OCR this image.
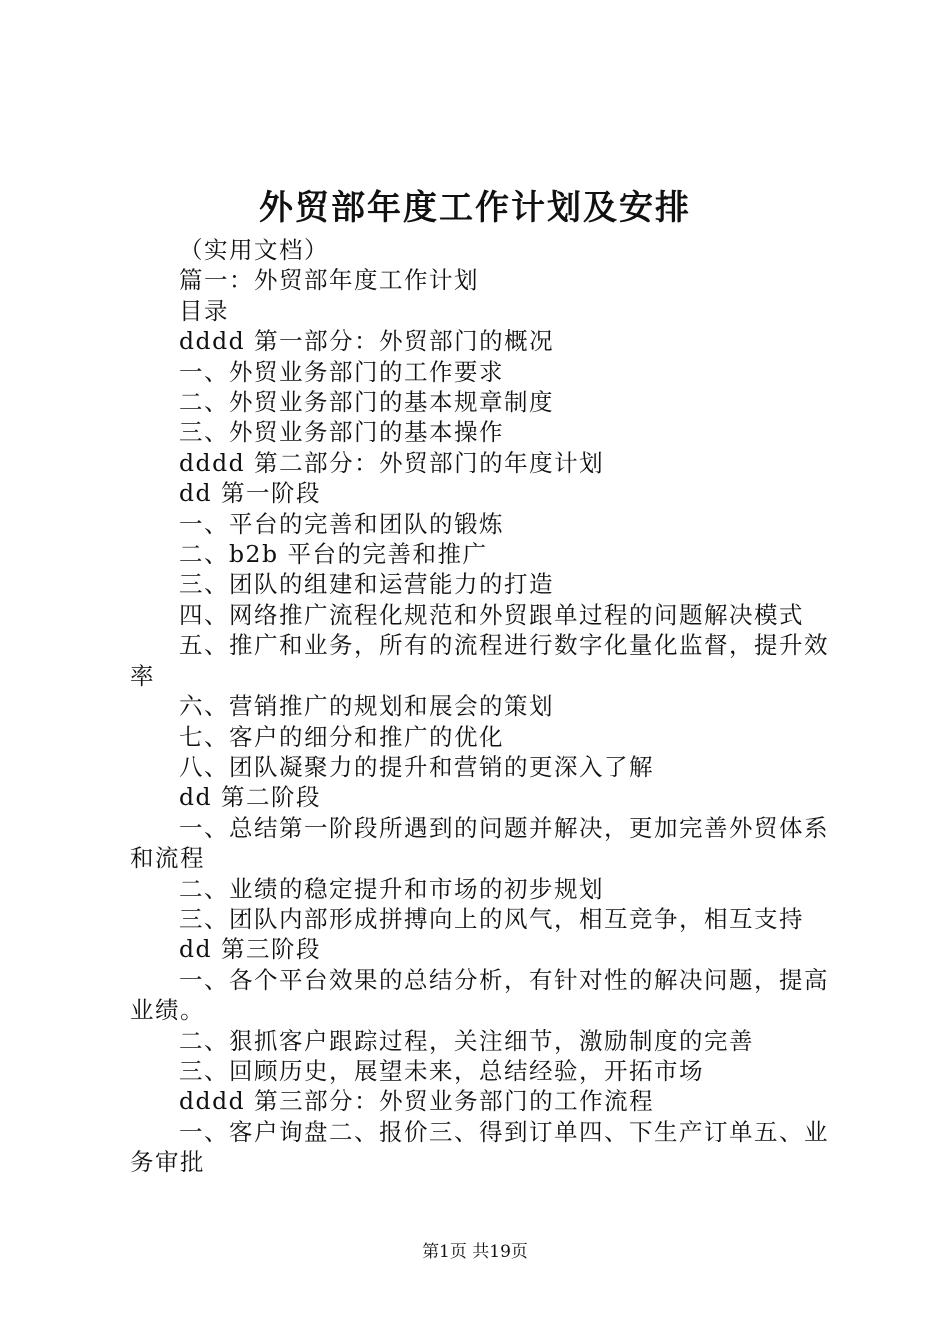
外贸部年度工作计划及安排

（实用文档）

篇一：外贸部年度工作计划

目录

dddd 第一部分：外贸部门的概况

一、外贸业务部门的工作要求

二、外贸业务部门的基本规章制度

三、外贸业务部门的基本操作

dddd 第二部分：外贸部门的年度计划

dd 第一阶段

一、平台的完善和团队的锻炼

二、b2b 平台的完善和推广

三、团队的组建和运营能力的打造

四、网络推广流程化规范和外贸跟单过程的问题解决模式

五、推广和业务，所有的流程进行数字化量化监督，提升效率

六、营销推广的规划和展会的策划

七、客户的细分和推广的优化

八、团队凝聚力的提升和营销的更深入了解

dd 第二阶段

一、总结第一阶段所遇到的问题并解决，更加完善外贸体系和流程

二、业绩的稳定提升和市场的初步规划

三、团队内部形成拼搏向上的风气，相互竞争，相互支持

dd 第三阶段

一、各个平台效果的总结分析，有针对性的解决问题，提高业绩。

二、狠抓客户跟踪过程，关注细节，激励制度的完善

三、回顾历史，展望未来，总结经验，开拓市场

dddd 第三部分：外贸业务部门的工作流程

一、客户询盘二、报价三、得到订单四、下生产订单五、业务审批

第1页 共19页
